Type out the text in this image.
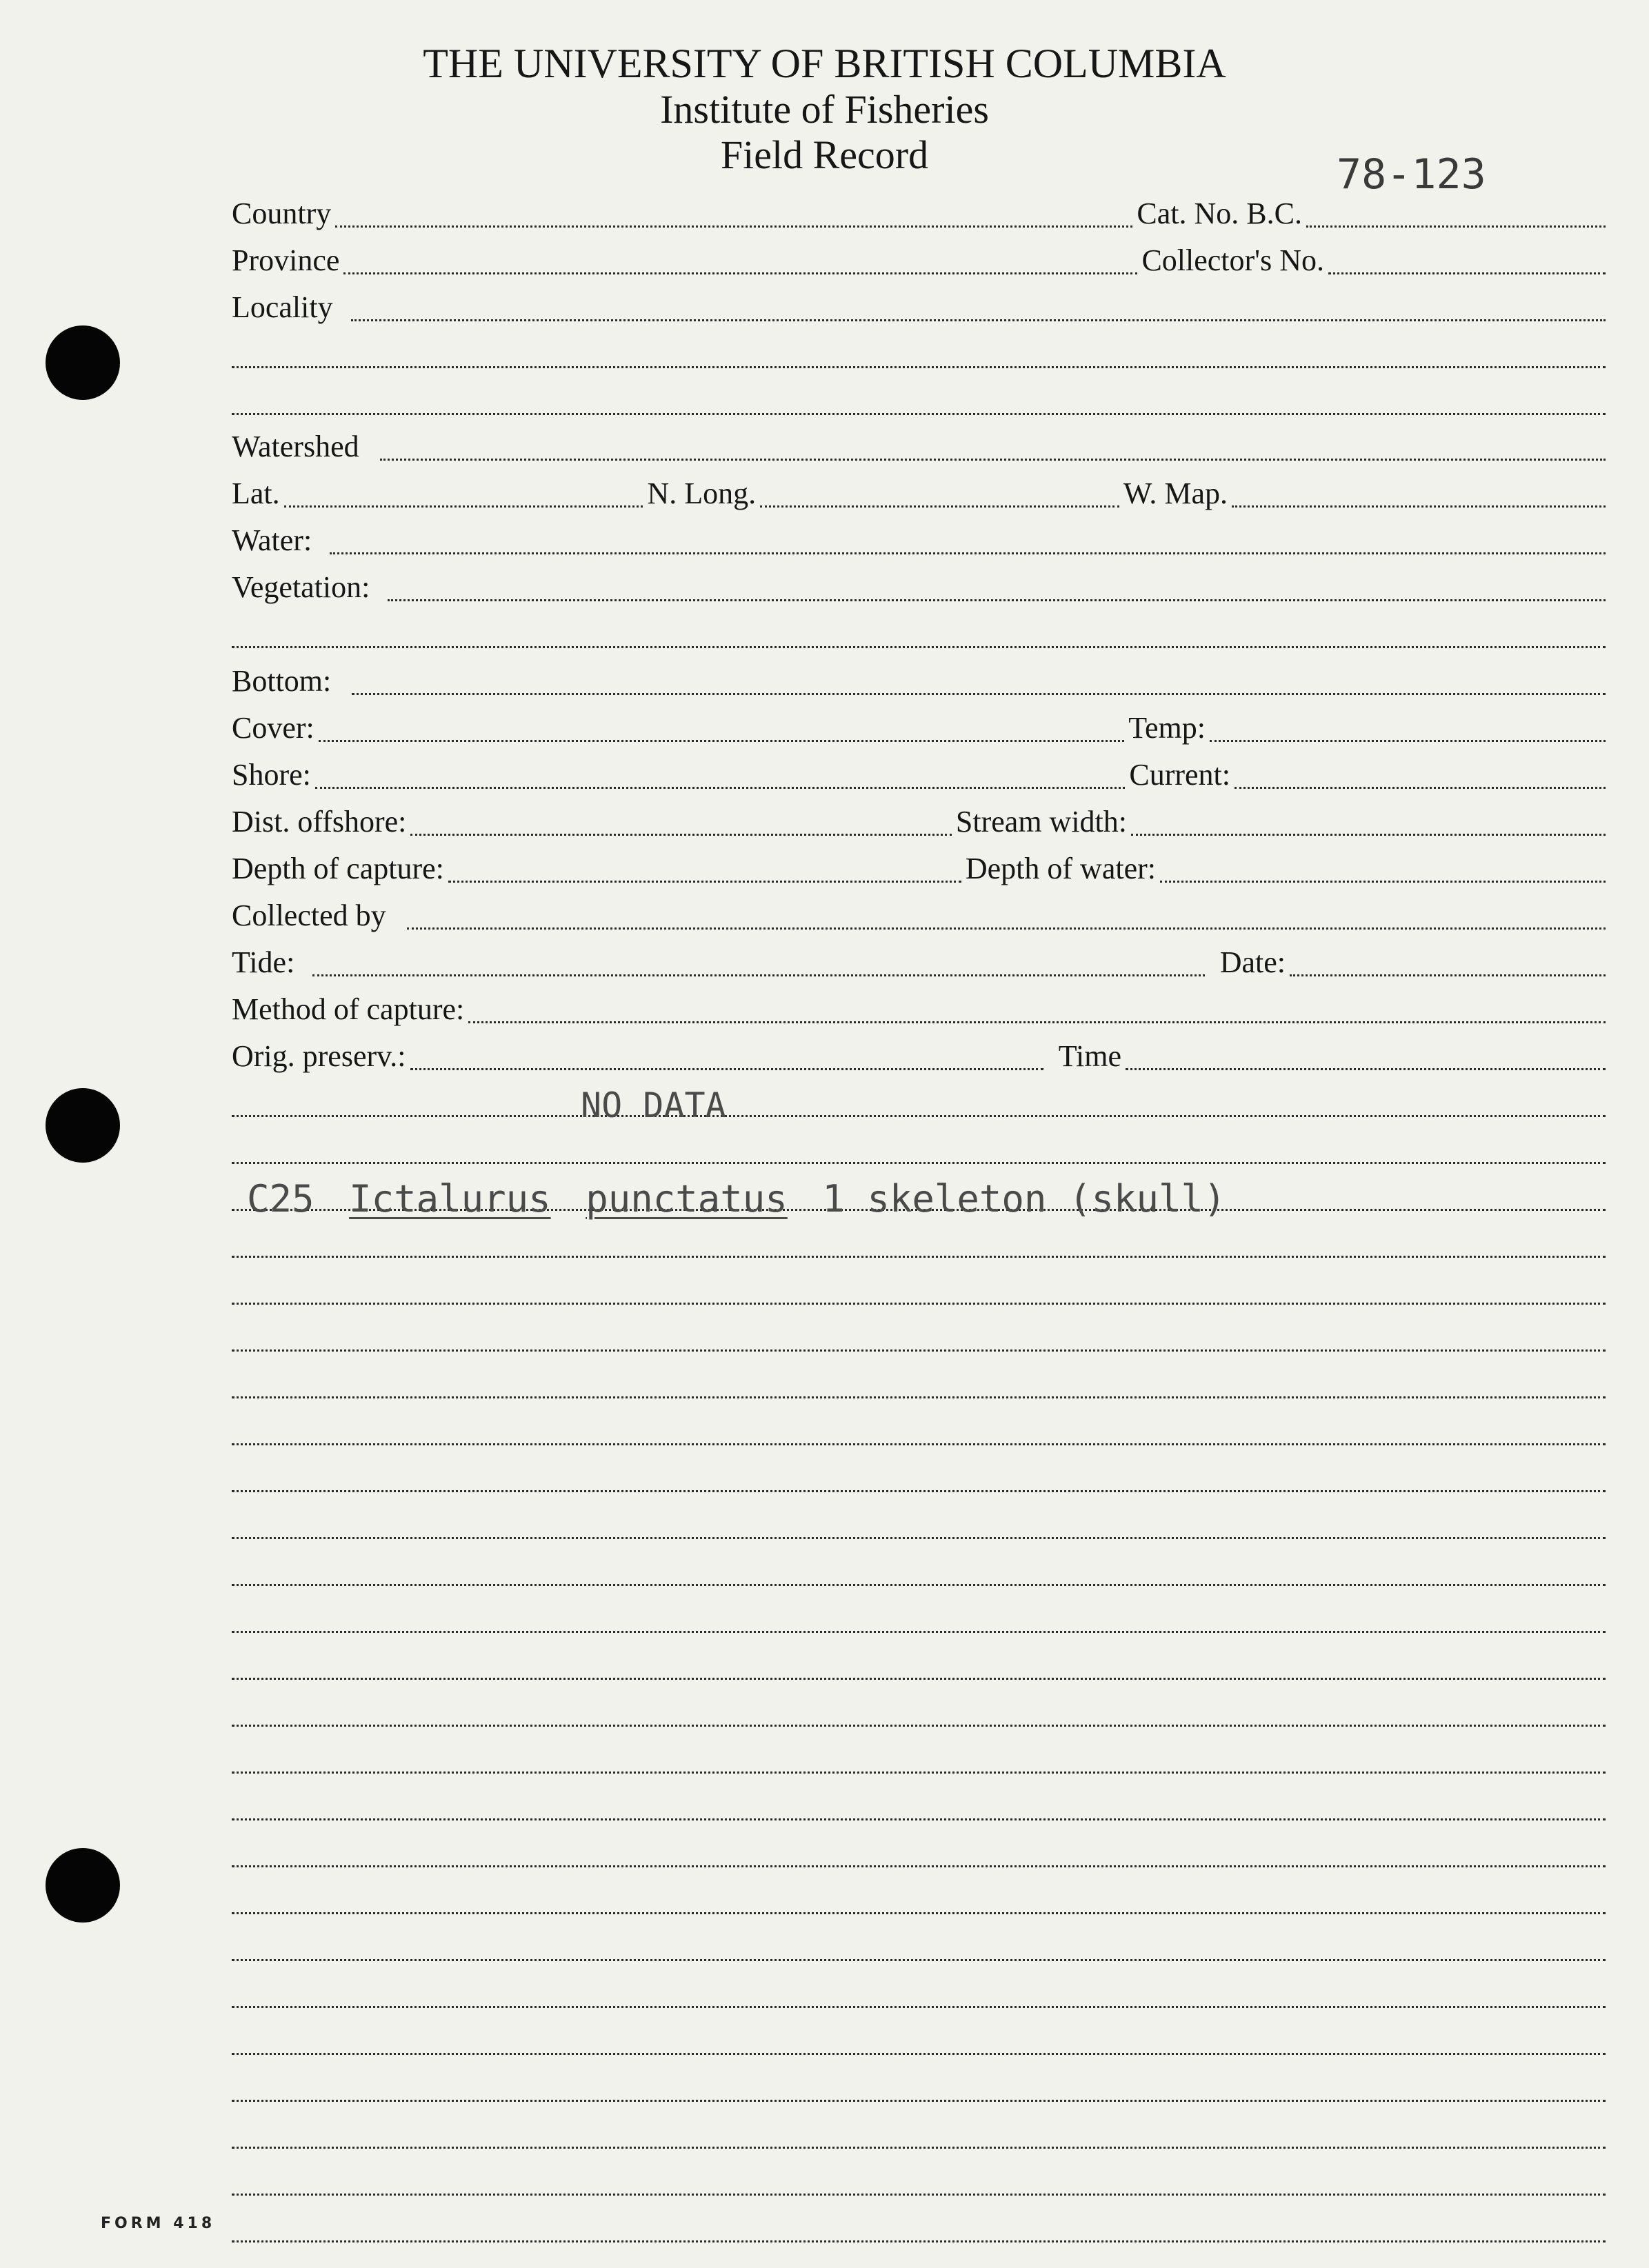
THE UNIVERSITY OF BRITISH COLUMBIA
Institute of Fisheries
Field Record	78-123
Country	Cat. No. B.C.
Province	Collector's No.
Locality
Watershed
Lat.	N. Long.	W. Map.
Water:
Vegetation:
Bottom:
Cover:	Temp:
Shore:	Current:
Dist. offshore:	Stream width:
Depth of capture:	Depth of water:
Collected by
Tide:	Date:
Method of capture:
Orig. preserv.:	Time
NO DATA
C25 Ictalurus punctatus 1 skeleton (skull)
FORM 418
